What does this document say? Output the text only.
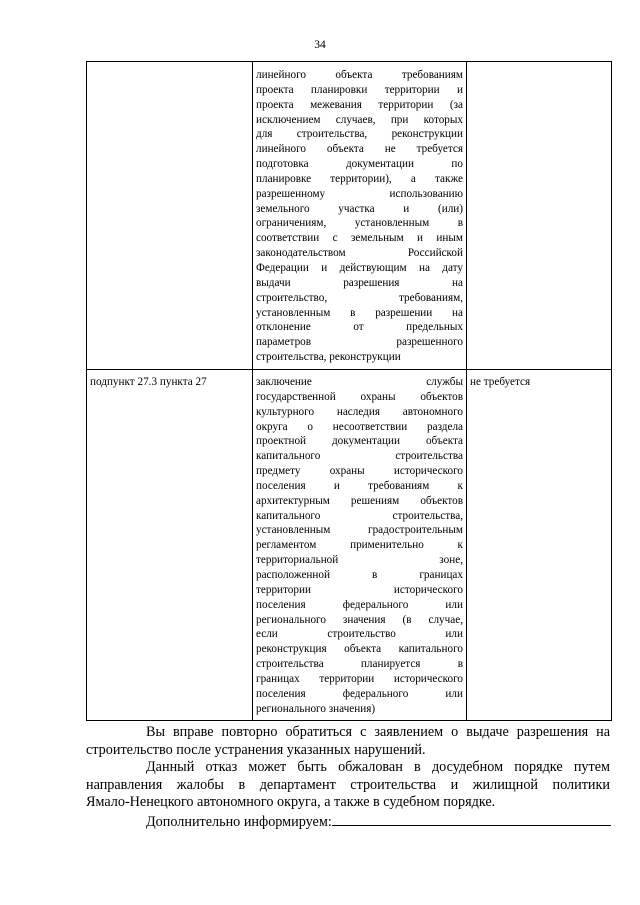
34
линейного объекта требованиям
проекта планировки территории и
проекта межевания территории (за
исключением случаев, при которых
для строительства, реконструкции
линейного объекта не требуется
подготовка документации по
планировке территории), а также
разрешенному использованию
земельного участка и (или)
ограничениям, установленным в
соответствии с земельным и иным
законодательством Российской
Федерации и действующим на дату
выдачи разрешения на
строительство, требованиям,
установленным в разрешении на
отклонение от предельных
параметров разрешенного
строительства, реконструкции
подпункт 27.3 пункта 27	заключение службы
государственной охраны объектов
культурного наследия автономного
округа о несоответствии раздела
проектной документации объекта
капитального строительства
предмету охраны исторического
поселения и требованиям к
архитектурным решениям объектов
капитального строительства,
установленным градостроительным
регламентом применительно к
территориальной зоне,
расположенной в границах
территории исторического
поселения федерального или
регионального значения (в случае,
если строительство или
реконструкция объекта капитального
строительства планируется в
границах территории исторического
поселения федерального или
регионального значения)
не требуется
Вы вправе повторно обратиться с заявлением о выдаче разрешения на
строительство после устранения указанных нарушений.
Данный отказ может быть обжалован в досудебном порядке путем
направления жалобы в департамент строительства и жилищной политики
Ямало-Ненецкого автономного округа, а также в судебном порядке.
Дополнительно информируем:
